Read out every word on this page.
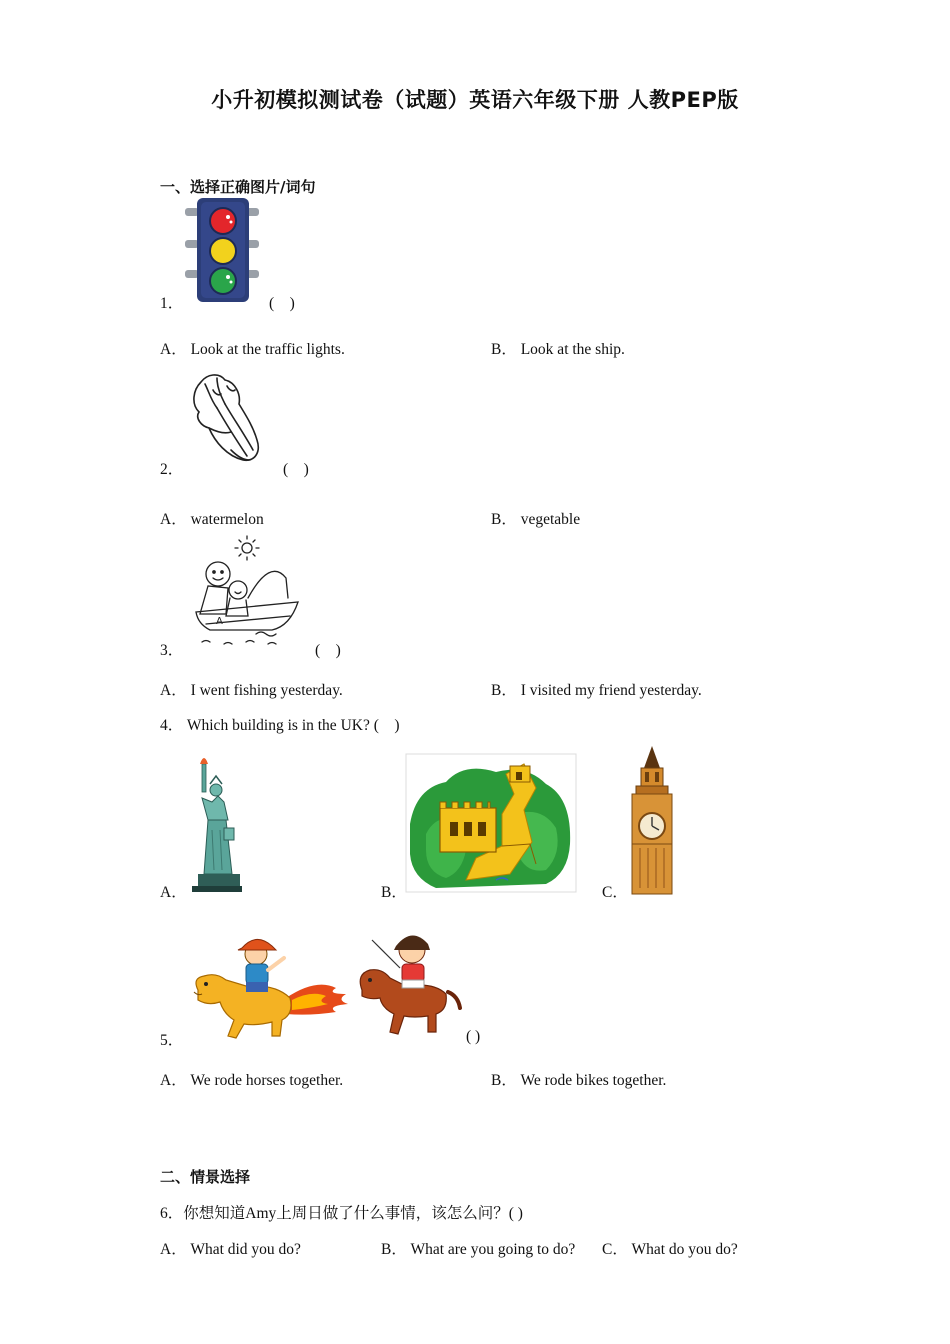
小升初模拟测试卷（试题）英语六年级下册 人教PEP版
一、选择正确图片/词句
1．	(　)
A． Look at the traffic lights.	B． Look at the ship.
2．	(　)
A． watermelon	B． vegetable
A
3．	(　)
A． I went fishing yesterday.	B． I visited my friend yesterday.
4． Which building is in the UK? (　)
A．	B．	C．
5．	( )
A． We rode horses together.	B． We rode bikes together.
二、情景选择
6．你想知道Amy上周日做了什么事情，该怎么问？( )
A． What did you do?	B． What are you going to do? C． What do you do?
